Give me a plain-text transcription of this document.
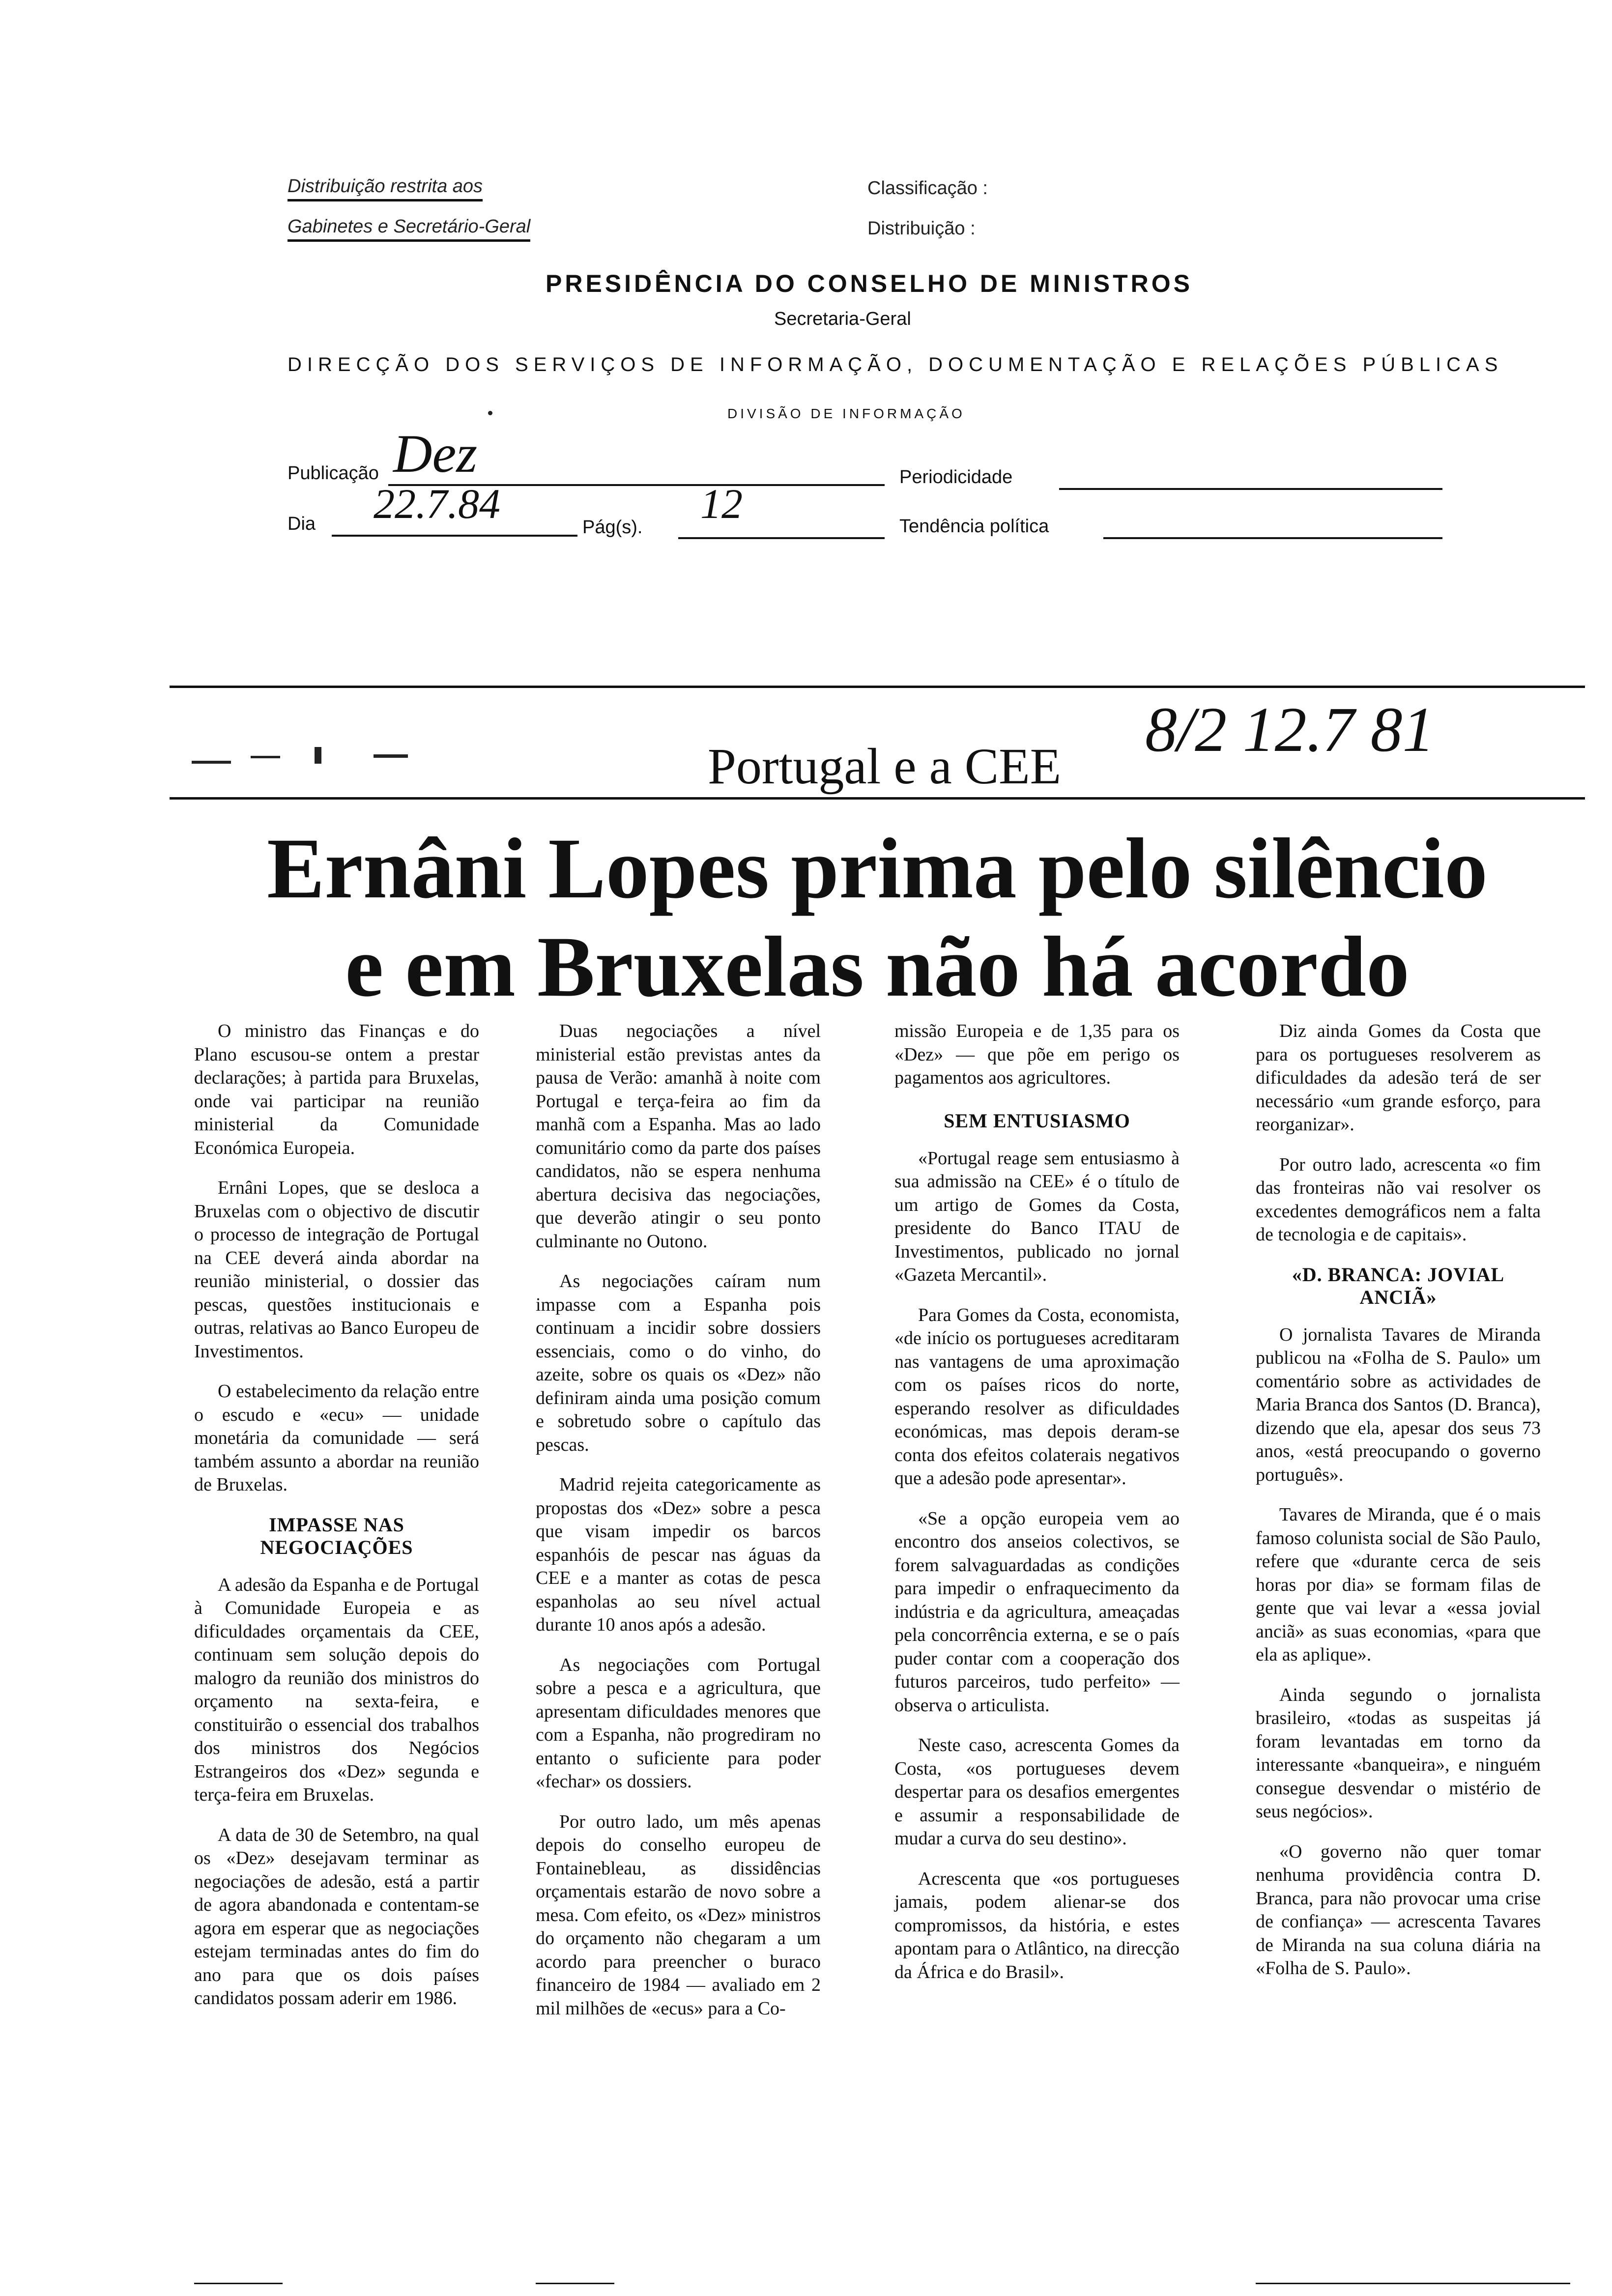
Distribuição restrita aos
Gabinetes e Secretário-Geral
Classificação :
Distribuição :
PRESIDÊNCIA DO CONSELHO DE MINISTROS
Secretaria-Geral
DIRECÇÃO DOS SERVIÇOS DE INFORMAÇÃO, DOCUMENTAÇÃO E RELAÇÕES PÚBLICAS
DIVISÃO DE INFORMAÇÃO
Publicação Dez	Periodicidade
Dia 22.7.84	Pág(s). 12	Tendência política
Portugal e a CEE
8/2 12.7 81
Ernâni Lopes prima pelo silêncio
e em Bruxelas não há acordo

O ministro das Finanças e do Plano escusou-se ontem a prestar declarações; à partida para Bruxelas, onde vai participar na reunião ministerial da Comunidade Económica Europeia.

Ernâni Lopes, que se desloca a Bruxelas com o objectivo de discutir o processo de integração de Portugal na CEE deverá ainda abordar na reunião ministerial, o dossier das pescas, questões institucionais e outras, relativas ao Banco Europeu de Investimentos.

O estabelecimento da relação entre o escudo e «ecu» — unidade monetária da comunidade — será também assunto a abordar na reunião de Bruxelas.

IMPASSE NAS NEGOCIAÇÕES

A adesão da Espanha e de Portugal à Comunidade Europeia e as dificuldades orçamentais da CEE, continuam sem solução depois do malogro da reunião dos ministros do orçamento na sexta-feira, e constituirão o essencial dos trabalhos dos ministros dos Negócios Estrangeiros dos «Dez» segunda e terça-feira em Bruxelas.

A data de 30 de Setembro, na qual os «Dez» desejavam terminar as negociações de adesão, está a partir de agora abandonada e contentam-se agora em esperar que as negociações estejam terminadas antes do fim do ano para que os dois países candidatos possam aderir em 1986.

Duas negociações a nível ministerial estão previstas antes da pausa de Verão: amanhã à noite com Portugal e terça-feira ao fim da manhã com a Espanha. Mas ao lado comunitário como da parte dos países candidatos, não se espera nenhuma abertura decisiva das negociações, que deverão atingir o seu ponto culminante no Outono.

As negociações caíram num impasse com a Espanha pois continuam a incidir sobre dossiers essenciais, como o do vinho, do azeite, sobre os quais os «Dez» não definiram ainda uma posição comum e sobretudo sobre o capítulo das pescas.

Madrid rejeita categoricamente as propostas dos «Dez» sobre a pesca que visam impedir os barcos espanhóis de pescar nas águas da CEE e a manter as cotas de pesca espanholas ao seu nível actual durante 10 anos após a adesão.

As negociações com Portugal sobre a pesca e a agricultura, que apresentam dificuldades menores que com a Espanha, não progrediram no entanto o suficiente para poder «fechar» os dossiers.

Por outro lado, um mês apenas depois do conselho europeu de Fontainebleau, as dissidências orçamentais estarão de novo sobre a mesa. Com efeito, os «Dez» ministros do orçamento não chegaram a um acordo para preencher o buraco financeiro de 1984 — avaliado em 2 mil milhões de «ecus» para a Co-

missão Europeia e de 1,35 para os «Dez» — que põe em perigo os pagamentos aos agricultores.

SEM ENTUSIASMO

«Portugal reage sem entusiasmo à sua admissão na CEE» é o título de um artigo de Gomes da Costa, presidente do Banco ITAU de Investimentos, publicado no jornal «Gazeta Mercantil».

Para Gomes da Costa, economista, «de início os portugueses acreditaram nas vantagens de uma aproximação com os países ricos do norte, esperando resolver as dificuldades económicas, mas depois deram-se conta dos efeitos colaterais negativos que a adesão pode apresentar».

«Se a opção europeia vem ao encontro dos anseios colectivos, se forem salvaguardadas as condições para impedir o enfraquecimento da indústria e da agricultura, ameaçadas pela concorrência externa, e se o país puder contar com a cooperação dos futuros parceiros, tudo perfeito» — observa o articulista.

Neste caso, acrescenta Gomes da Costa, «os portugueses devem despertar para os desafios emergentes e assumir a responsabilidade de mudar a curva do seu destino».

Acrescenta que «os portugueses jamais, podem alienar-se dos compromissos, da história, e estes apontam para o Atlântico, na direcção da África e do Brasil».

Diz ainda Gomes da Costa que para os portugueses resolverem as dificuldades da adesão terá de ser necessário «um grande esforço, para reorganizar».

Por outro lado, acrescenta «o fim das fronteiras não vai resolver os excedentes demográficos nem a falta de tecnologia e de capitais».

«D. BRANCA: JOVIAL ANCIÃ»

O jornalista Tavares de Miranda publicou na «Folha de S. Paulo» um comentário sobre as actividades de Maria Branca dos Santos (D. Branca), dizendo que ela, apesar dos seus 73 anos, «está preocupando o governo português».

Tavares de Miranda, que é o mais famoso colunista social de São Paulo, refere que «durante cerca de seis horas por dia» se formam filas de gente que vai levar a «essa jovial anciã» as suas economias, «para que ela as aplique».

Ainda segundo o jornalista brasileiro, «todas as suspeitas já foram levantadas em torno da interessante «banqueira», e ninguém consegue desvendar o mistério de seus negócios».

«O governo não quer tomar nenhuma providência contra D. Branca, para não provocar uma crise de confiança» — acrescenta Tavares de Miranda na sua coluna diária na «Folha de S. Paulo».
